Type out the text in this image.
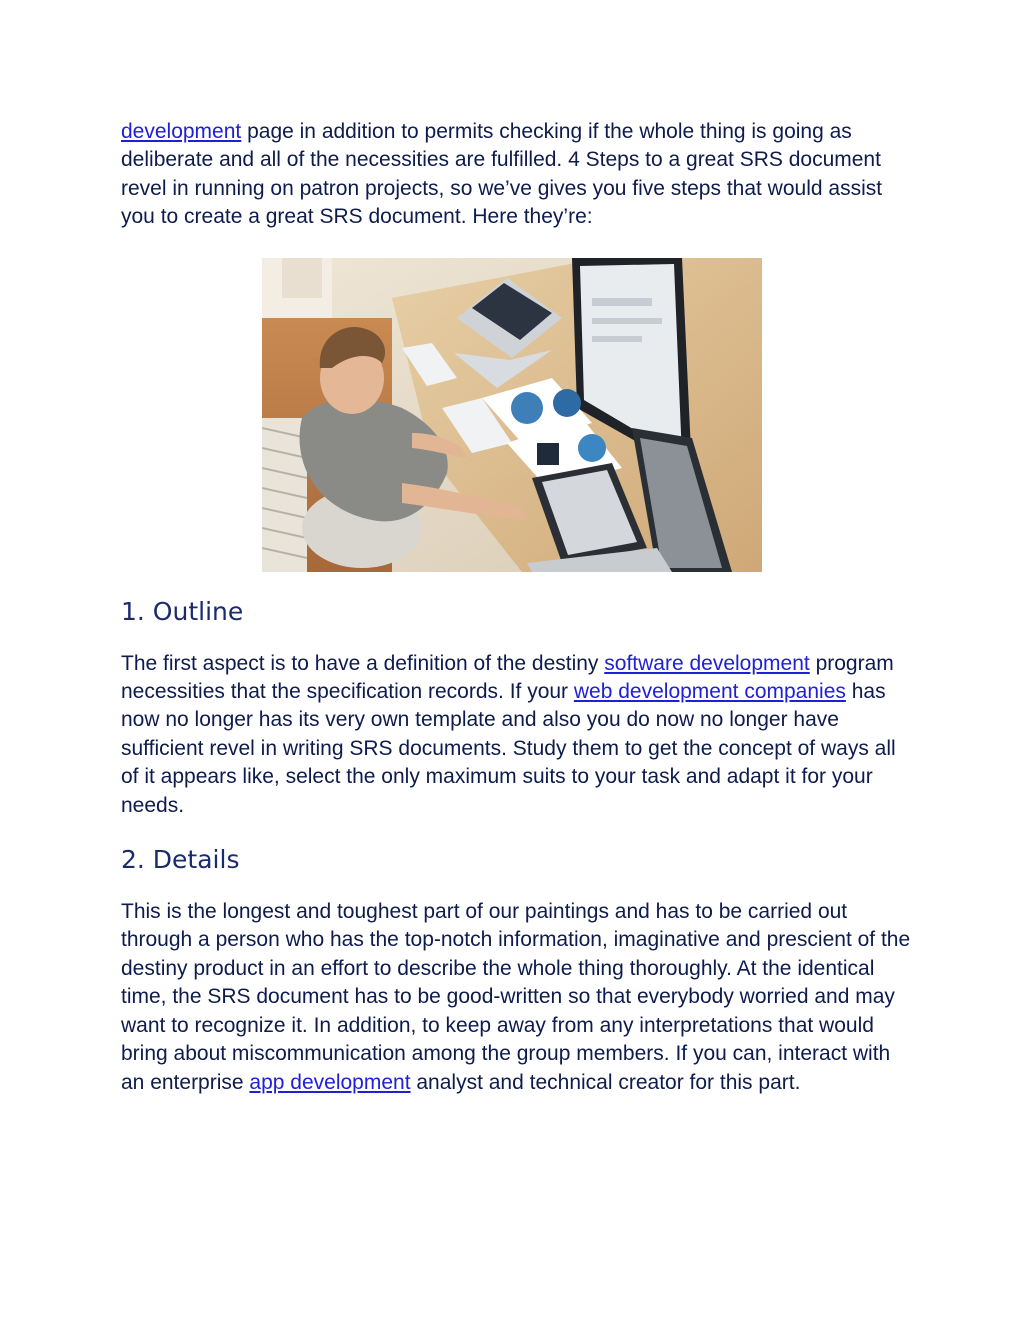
development page in addition to permits checking if the whole thing is going as deliberate and all of the necessities are fulfilled. 4 Steps to a great SRS document revel in running on patron projects, so we’ve gives you five steps that would assist you to create a great SRS document. Here they’re:

1. Outline

The first aspect is to have a definition of the destiny software development program necessities that the specification records. If your web development companies has now no longer has its very own template and also you do now no longer have sufficient revel in writing SRS documents. Study them to get the concept of ways all of it appears like, select the only maximum suits to your task and adapt it for your needs.

2. Details

This is the longest and toughest part of our paintings and has to be carried out through a person who has the top-notch information, imaginative and prescient of the destiny product in an effort to describe the whole thing thoroughly. At the identical time, the SRS document has to be good-written so that everybody worried and may want to recognize it. In addition, to keep away from any interpretations that would bring about miscommunication among the group members. If you can, interact with an enterprise app development analyst and technical creator for this part.
